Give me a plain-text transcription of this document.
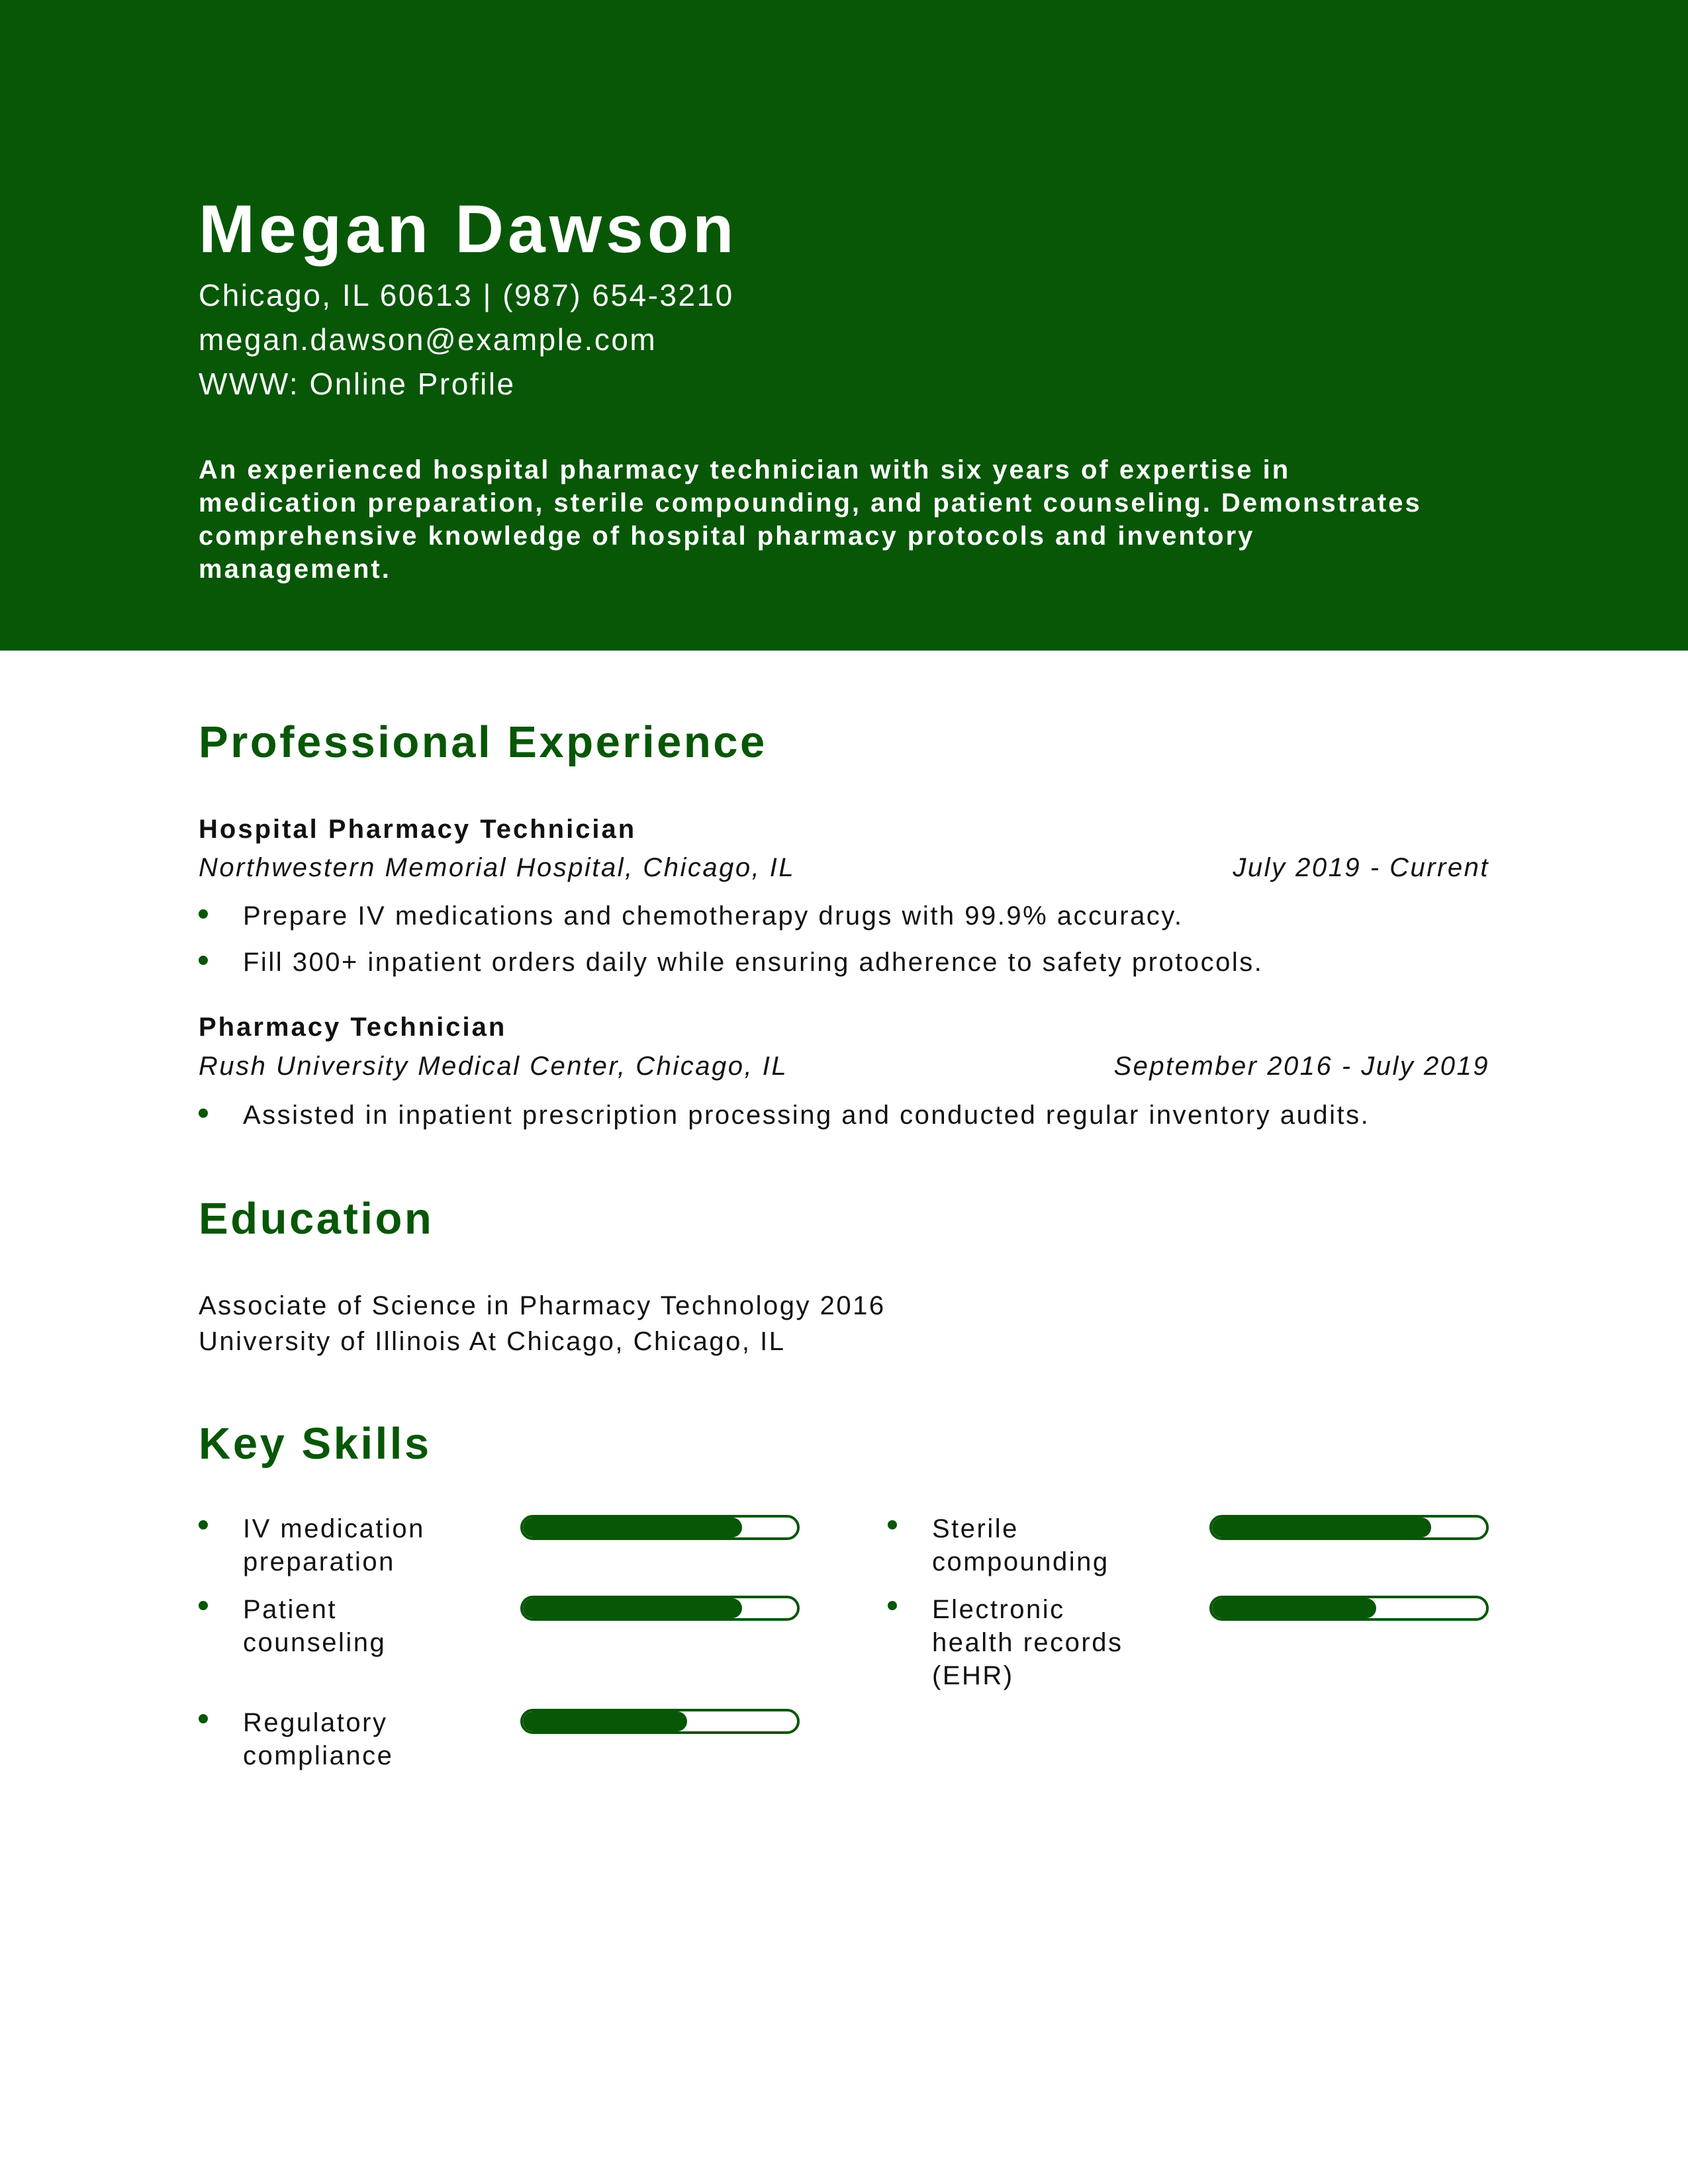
Megan Dawson
Chicago, IL 60613 | (987) 654-3210
megan.dawson@example.com
WWW: Online Profile

An experienced hospital pharmacy technician with six years of expertise in medication preparation, sterile compounding, and patient counseling. Demonstrates comprehensive knowledge of hospital pharmacy protocols and inventory management.

Professional Experience
Hospital Pharmacy Technician
Northwestern Memorial Hospital, Chicago, IL	July 2019 - Current
Prepare IV medications and chemotherapy drugs with 99.9% accuracy.
Fill 300+ inpatient orders daily while ensuring adherence to safety protocols.
Pharmacy Technician
Rush University Medical Center, Chicago, IL	September 2016 - July 2019
Assisted in inpatient prescription processing and conducted regular inventory audits.
Education
Associate of Science in Pharmacy Technology 2016
University of Illinois At Chicago, Chicago, IL
Key Skills
IV medication preparation
Sterile compounding
Patient counseling
Electronic health records (EHR)
Regulatory compliance
